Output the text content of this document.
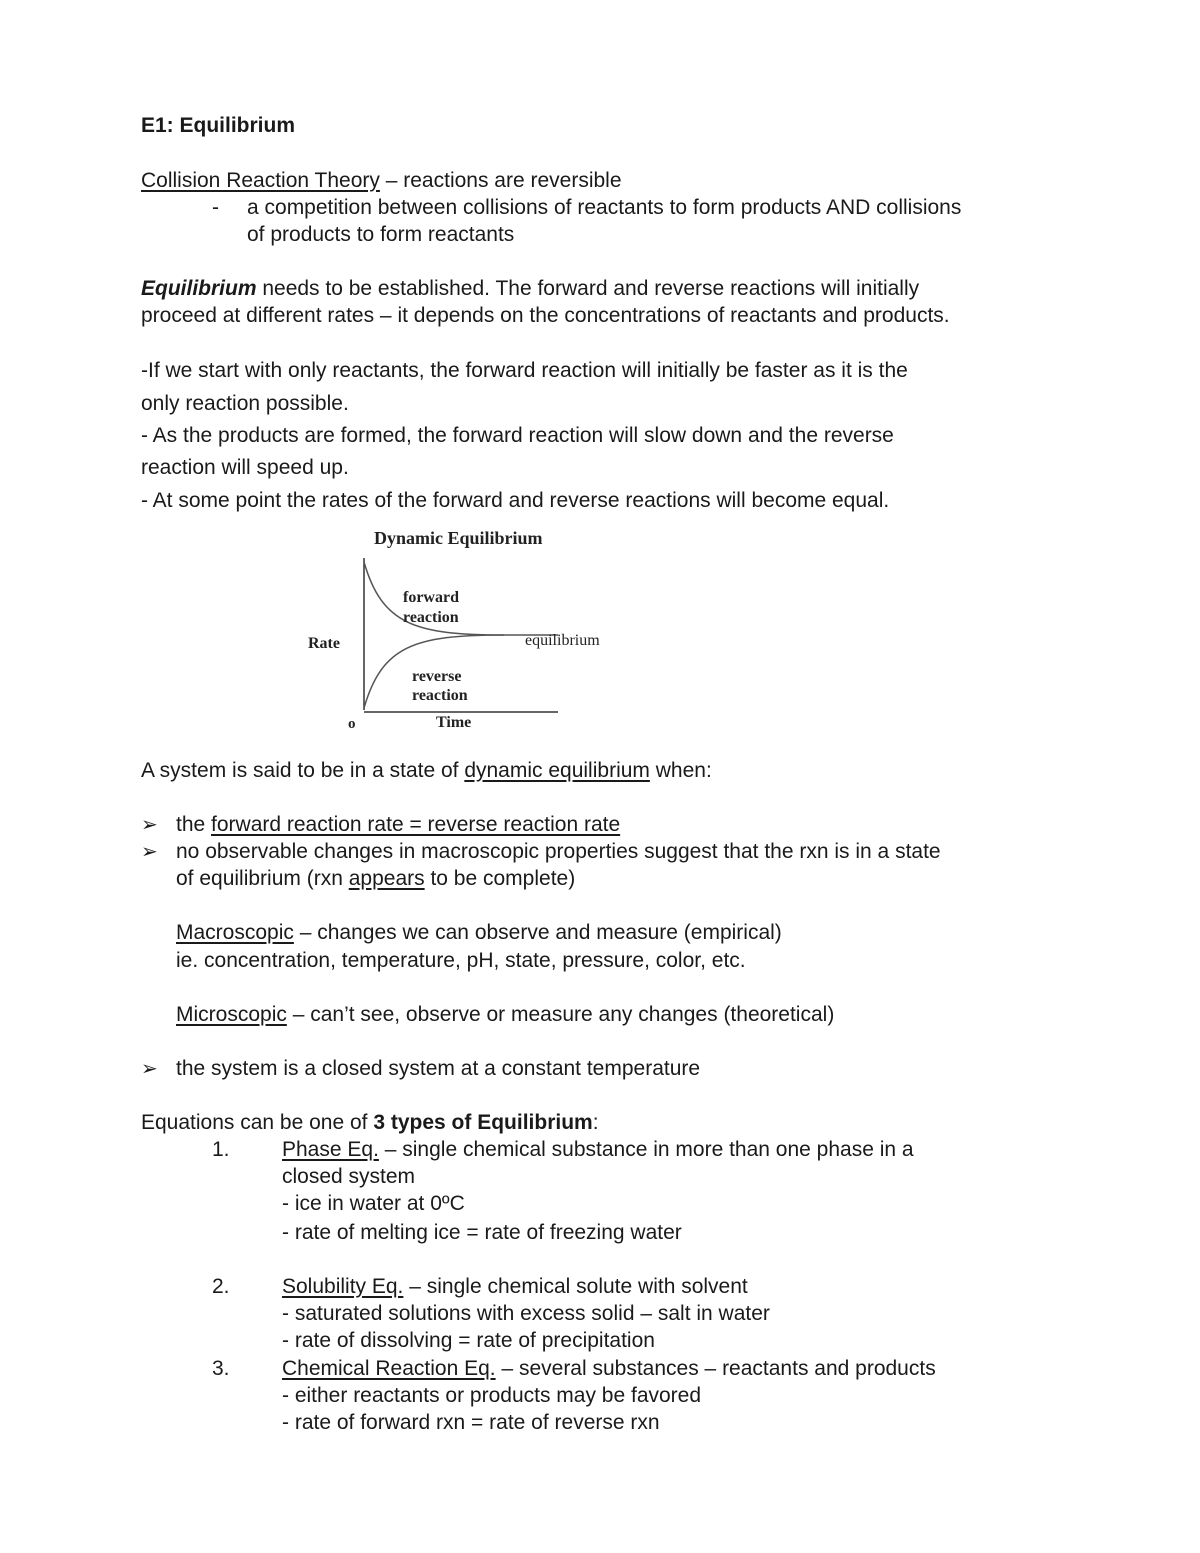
E1: Equilibrium
Collision Reaction Theory – reactions are reversible
- a competition between collisions of reactants to form products AND collisions
of products to form reactants
Equilibrium needs to be established. The forward and reverse reactions will initially
proceed at different rates – it depends on the concentrations of reactants and products.
-If we start with only reactants, the forward reaction will initially be faster as it is the
only reaction possible.
- As the products are formed, the forward reaction will slow down and the reverse
reaction will speed up.
- At some point the rates of the forward and reverse reactions will become equal.
Dynamic Equilibrium
Rate
o	Time
forward
reaction
reverse
reaction
equilibrium
A system is said to be in a state of dynamic equilibrium when:
➢ the forward reaction rate = reverse reaction rate
➢ no observable changes in macroscopic properties suggest that the rxn is in a state
of equilibrium (rxn appears to be complete)
Macroscopic – changes we can observe and measure (empirical)
ie. concentration, temperature, pH, state, pressure, color, etc.
Microscopic – can’t see, observe or measure any changes (theoretical)
➢ the system is a closed system at a constant temperature
Equations can be one of 3 types of Equilibrium:
1. Phase Eq. – single chemical substance in more than one phase in a
closed system
- ice in water at 0ºC
- rate of melting ice = rate of freezing water
2. Solubility Eq. – single chemical solute with solvent
- saturated solutions with excess solid – salt in water
- rate of dissolving = rate of precipitation
3. Chemical Reaction Eq. – several substances – reactants and products
- either reactants or products may be favored
- rate of forward rxn = rate of reverse rxn
